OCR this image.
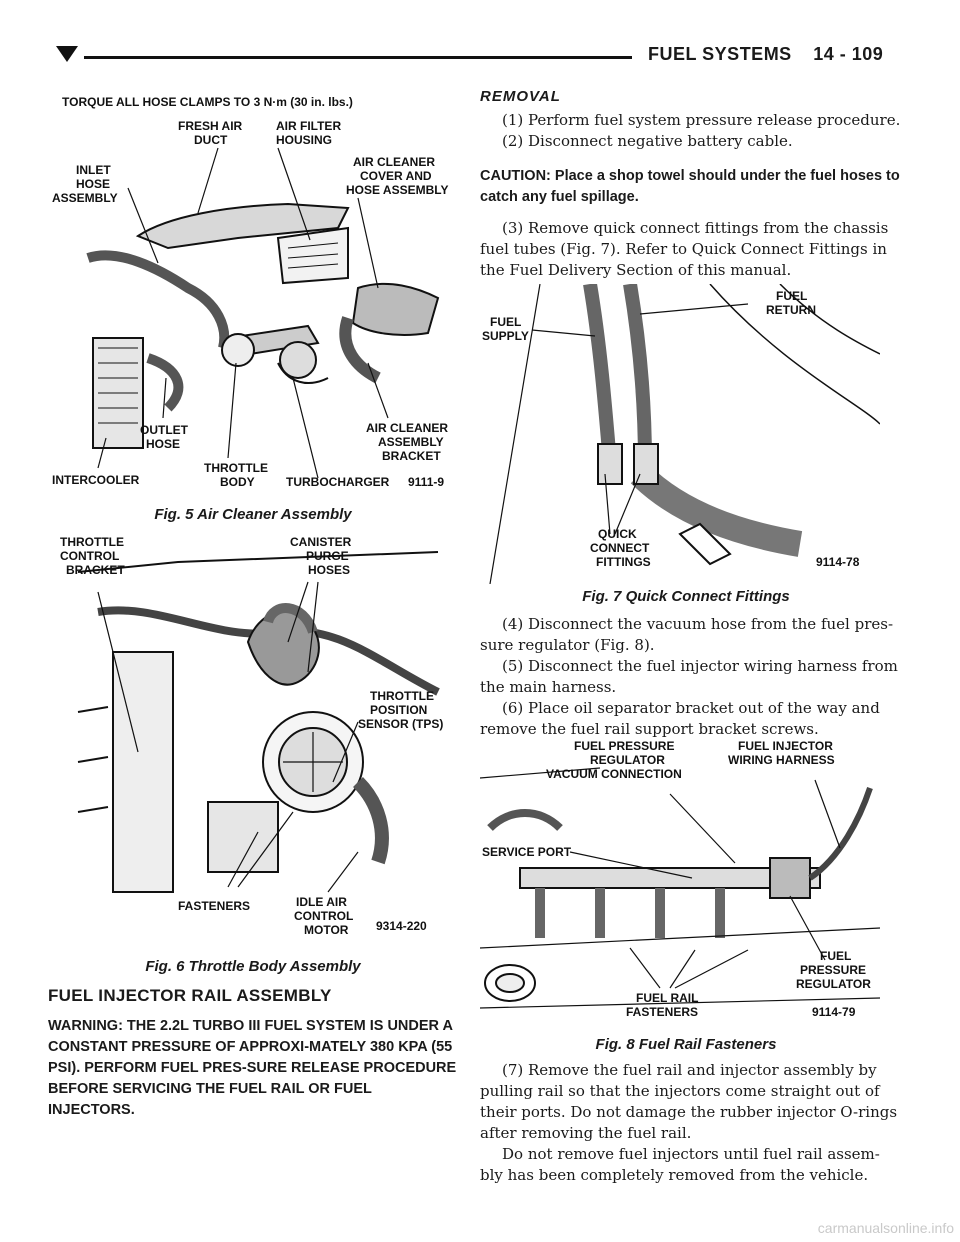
FUEL SYSTEMS 14 - 109
TORQUE ALL HOSE CLAMPS TO 3 N·m (30 in. lbs.)
FRESH AIR DUCT
AIR FILTER HOUSING
INLET HOSE ASSEMBLY
AIR CLEANER COVER AND HOSE ASSEMBLY
OUTLET HOSE
INTERCOOLER
THROTTLE BODY	TURBOCHARGER
AIR CLEANER ASSEMBLY BRACKET
9111-9
Fig. 5 Air Cleaner Assembly
THROTTLE CONTROL BRACKET
CANISTER PURGE HOSES
THROTTLE POSITION SENSOR (TPS)
FASTENERS	IDLE AIR CONTROL MOTOR	9314-220
Fig. 6 Throttle Body Assembly
FUEL INJECTOR RAIL ASSEMBLY
WARNING: THE 2.2L TURBO III FUEL SYSTEM IS UNDER A CONSTANT PRESSURE OF APPROXI-MATELY 380 KPA (55 PSI). PERFORM FUEL PRES-SURE RELEASE PROCEDURE BEFORE SERVICING THE FUEL RAIL OR FUEL INJECTORS.
REMOVAL
(1) Perform fuel system pressure release procedure.
(2) Disconnect negative battery cable.
CAUTION: Place a shop towel should under the fuel hoses to catch any fuel spillage.
(3) Remove quick connect fittings from the chassis fuel tubes (Fig. 7). Refer to Quick Connect Fittings in the Fuel Delivery Section of this manual.
FUEL RETURN
FUEL SUPPLY
QUICK CONNECT FITTINGS	9114-78
Fig. 7 Quick Connect Fittings
(4) Disconnect the vacuum hose from the fuel pres-sure regulator (Fig. 8).
(5) Disconnect the fuel injector wiring harness from the main harness.
(6) Place oil separator bracket out of the way and remove the fuel rail support bracket screws.
FUEL PRESSURE REGULATOR VACUUM CONNECTION
FUEL INJECTOR WIRING HARNESS
SERVICE PORT
FUEL PRESSURE REGULATOR
FUEL RAIL FASTENERS	9114-79
Fig. 8 Fuel Rail Fasteners
(7) Remove the fuel rail and injector assembly by pulling rail so that the injectors come straight out of their ports. Do not damage the rubber injector O-rings after removing the fuel rail.
Do not remove fuel injectors until fuel rail assem-bly has been completely removed from the vehicle.
carmanualsonline.info
